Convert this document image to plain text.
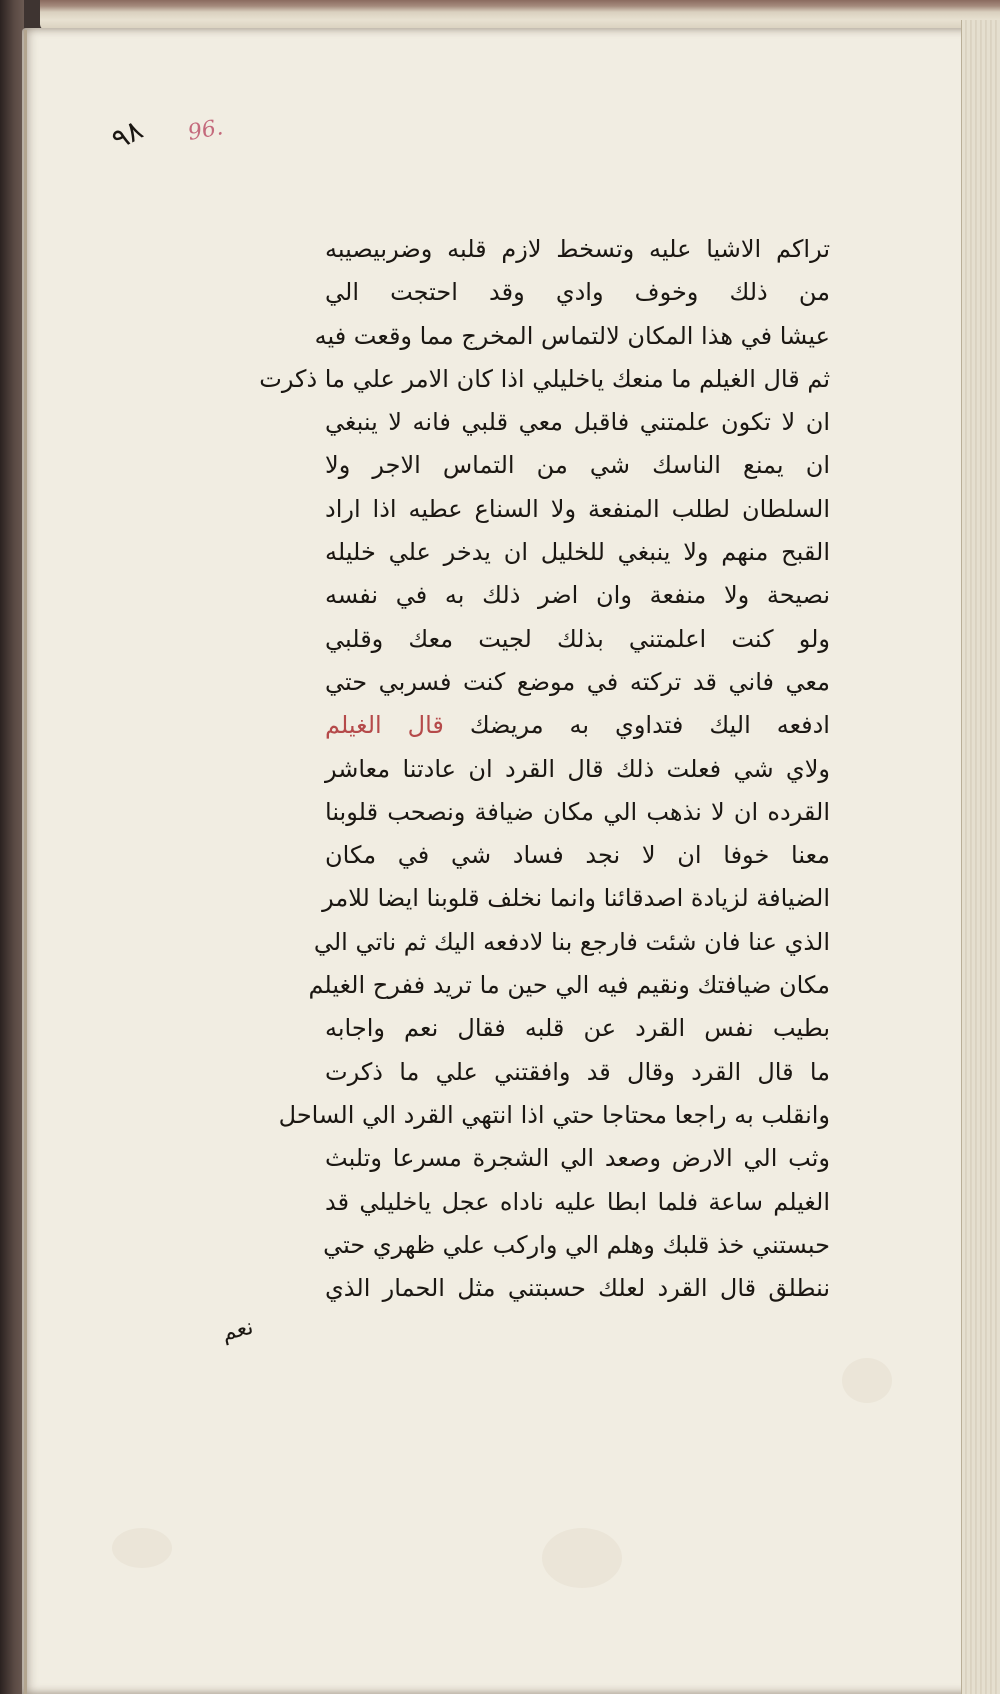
٩٨ 96.
تراكم الاشيا عليه وتسخط لازم قلبه وضربيصيبه
من ذلك وخوف وادي وقد احتجت الي
عيشا في هذا المكان لالتماس المخرج مما وقعت فيه
ثم قال الغيلم ما منعك ياخليلي اذا كان الامر علي ما ذكرت
ان لا تكون علمتني فاقبل معي قلبي فانه لا ينبغي
ان يمنع الناسك شي من التماس الاجر ولا
السلطان لطلب المنفعة ولا السناع عطيه اذا اراد
القبح منهم ولا ينبغي للخليل ان يدخر علي خليله
نصيحة ولا منفعة وان اضر ذلك به في نفسه
ولو كنت اعلمتني بذلك لجيت معك وقلبي
معي فاني قد تركته في موضع كنت فسربي حتي
ادفعه اليك فتداوي به مريضك قال الغيلم
ولاي شي فعلت ذلك قال القرد ان عادتنا معاشر
القرده ان لا نذهب الي مكان ضيافة ونصحب قلوبنا
معنا خوفا ان لا نجد فساد شي في مكان
الضيافة لزيادة اصدقائنا وانما نخلف قلوبنا ايضا للامر
الذي عنا فان شئت فارجع بنا لادفعه اليك ثم ناتي الي
مكان ضيافتك ونقيم فيه الي حين ما تريد ففرح الغيلم
بطيب نفس القرد عن قلبه فقال نعم واجابه
ما قال القرد وقال قد وافقتني علي ما ذكرت
وانقلب به راجعا محتاجا حتي اذا انتهي القرد الي الساحل
وثب الي الارض وصعد الي الشجرة مسرعا وتلبث
الغيلم ساعة فلما ابطا عليه ناداه عجل ياخليلي قد
حبستني خذ قلبك وهلم الي واركب علي ظهري حتي
ننطلق قال القرد لعلك حسبتني مثل الحمار الذي
نعم
